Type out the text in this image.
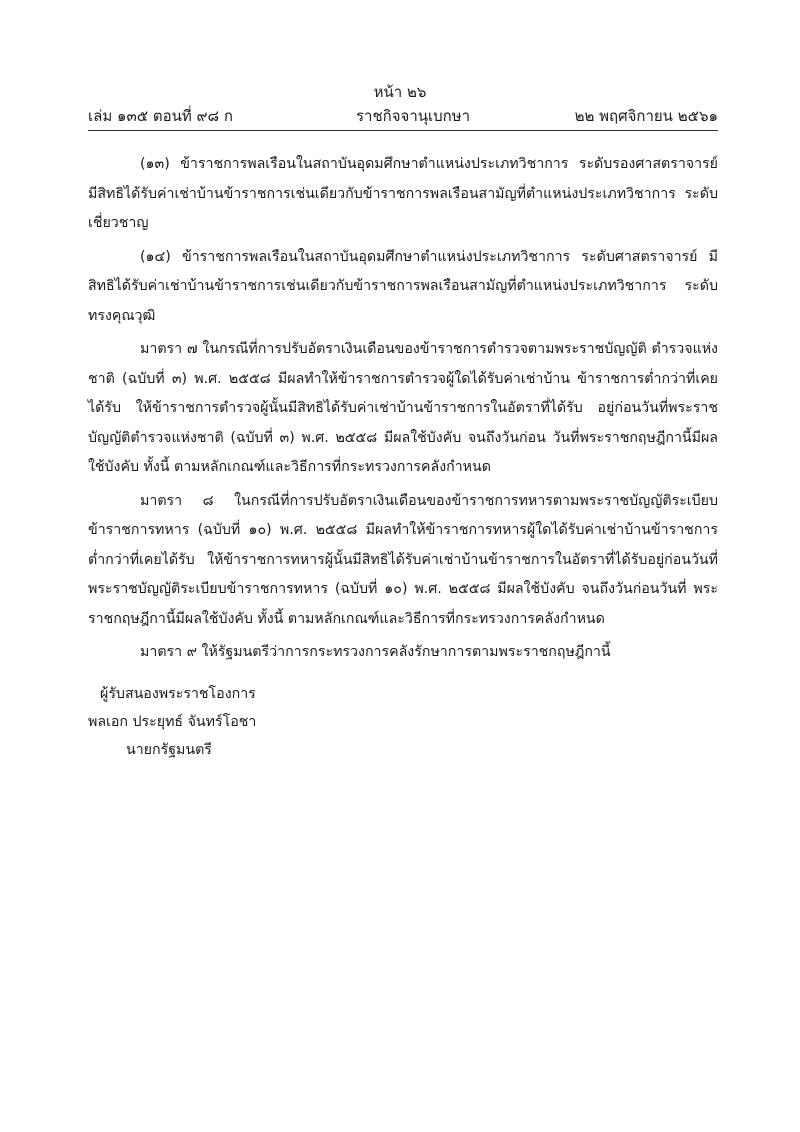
หน้า ๒๖
เล่ม ๑๓๕ ตอนที่ ๙๘ ก	ราชกิจจานุเบกษา	๒๒ พฤศจิกายน ๒๕๖๑

(๑๓) ข้าราชการพลเรือนในสถาบันอุดมศึกษาตำแหน่งประเภทวิชาการ ระดับรองศาสตราจารย์ มีสิทธิได้รับค่าเช่าบ้านข้าราชการเช่นเดียวกับข้าราชการพลเรือนสามัญที่ตำแหน่งประเภทวิชาการ ระดับเชี่ยวชาญ

(๑๔) ข้าราชการพลเรือนในสถาบันอุดมศึกษาตำแหน่งประเภทวิชาการ ระดับศาสตราจารย์ มีสิทธิได้รับค่าเช่าบ้านข้าราชการเช่นเดียวกับข้าราชการพลเรือนสามัญที่ตำแหน่งประเภทวิชาการ ระดับทรงคุณวุฒิ

มาตรา ๗ ในกรณีที่การปรับอัตราเงินเดือนของข้าราชการตำรวจตามพระราชบัญญัติ ตำรวจแห่งชาติ (ฉบับที่ ๓) พ.ศ. ๒๕๕๘ มีผลทำให้ข้าราชการตำรวจผู้ใดได้รับค่าเช่าบ้าน ข้าราชการต่ำกว่าที่เคยได้รับ ให้ข้าราชการตำรวจผู้นั้นมีสิทธิได้รับค่าเช่าบ้านข้าราชการในอัตราที่ได้รับ อยู่ก่อนวันที่พระราชบัญญัติตำรวจแห่งชาติ (ฉบับที่ ๓) พ.ศ. ๒๕๕๘ มีผลใช้บังคับ จนถึงวันก่อน วันที่พระราชกฤษฎีกานี้มีผลใช้บังคับ ทั้งนี้ ตามหลักเกณฑ์และวิธีการที่กระทรวงการคลังกำหนด

มาตรา ๘ ในกรณีที่การปรับอัตราเงินเดือนของข้าราชการทหารตามพระราชบัญญัติระเบียบ ข้าราชการทหาร (ฉบับที่ ๑๐) พ.ศ. ๒๕๕๘ มีผลทำให้ข้าราชการทหารผู้ใดได้รับค่าเช่าบ้านข้าราชการ ต่ำกว่าที่เคยได้รับ ให้ข้าราชการทหารผู้นั้นมีสิทธิได้รับค่าเช่าบ้านข้าราชการในอัตราที่ได้รับอยู่ก่อนวันที่ พระราชบัญญัติระเบียบข้าราชการทหาร (ฉบับที่ ๑๐) พ.ศ. ๒๕๕๘ มีผลใช้บังคับ จนถึงวันก่อนวันที่ พระราชกฤษฎีกานี้มีผลใช้บังคับ ทั้งนี้ ตามหลักเกณฑ์และวิธีการที่กระทรวงการคลังกำหนด

มาตรา ๙ ให้รัฐมนตรีว่าการกระทรวงการคลังรักษาการตามพระราชกฤษฎีกานี้

ผู้รับสนองพระราชโองการ
พลเอก ประยุทธ์ จันทร์โอชา
นายกรัฐมนตรี
